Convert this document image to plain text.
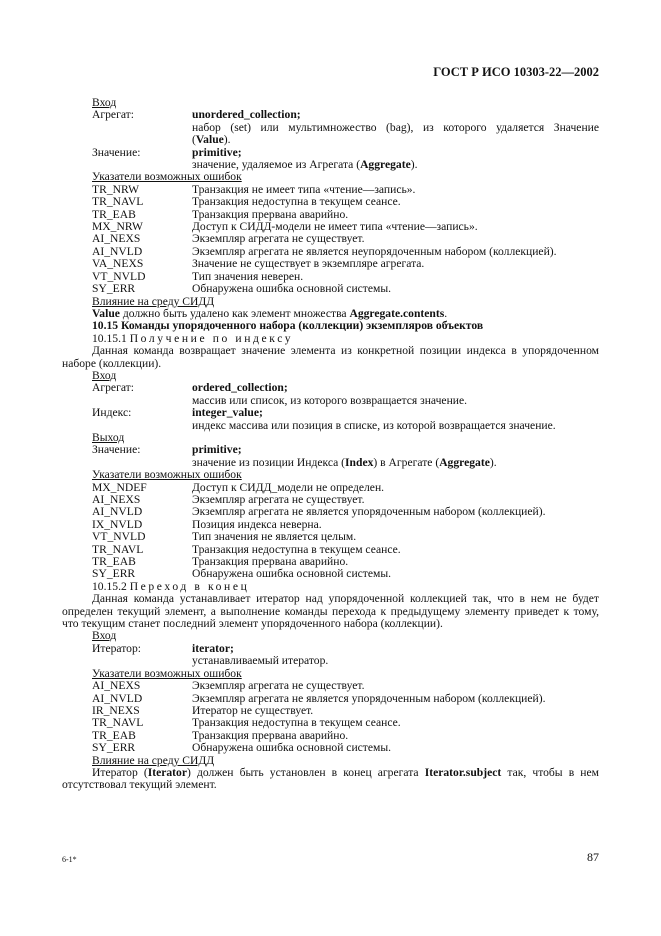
ГОСТ Р ИСО 10303-22—2002
Вход
Агрегат:	unordered_collection;
набор (set) или мультимножество (bag), из которого удаляется Значение
(Value).
Значение:	primitive;
значение, удаляемое из Агрегата (Aggregate).
Указатели возможных ошибок
TR_NRW	Транзакция не имеет типа «чтение—запись».
TR_NAVL	Транзакция недоступна в текущем сеансе.
TR_EAB	Транзакция прервана аварийно.
MX_NRW	Доступ к СИДД-модели не имеет типа «чтение—запись».
AI_NEXS	Экземпляр агрегата не существует.
AI_NVLD	Экземпляр агрегата не является неупорядоченным набором (коллекцией).
VA_NEXS	Значение не существует в экземпляре агрегата.
VT_NVLD	Тип значения неверен.
SY_ERR	Обнаружена ошибка основной системы.
Влияние на среду СИДД
Value должно быть удалено как элемент множества Aggregate.contents.
10.15 Команды упорядоченного набора (коллекции) экземпляров объектов
10.15.1 Получение по индексу
Данная команда возвращает значение элемента из конкретной позиции индекса в упорядоченном наборе (коллекции).
Вход
Агрегат:	ordered_collection;
массив или список, из которого возвращается значение.
Индекс:	integer_value;
индекс массива или позиция в списке, из которой возвращается значение.
Выход
Значение:	primitive;
значение из позиции Индекса (Index) в Агрегате (Aggregate).
Указатели возможных ошибок
MX_NDEF	Доступ к СИДД_модели не определен.
AI_NEXS	Экземпляр агрегата не существует.
AI_NVLD	Экземпляр агрегата не является упорядоченным набором (коллекцией).
IX_NVLD	Позиция индекса неверна.
VT_NVLD	Тип значения не является целым.
TR_NAVL	Транзакция недоступна в текущем сеансе.
TR_EAB	Транзакция прервана аварийно.
SY_ERR	Обнаружена ошибка основной системы.
10.15.2 Переход в конец
Данная команда устанавливает итератор над упорядоченной коллекцией так, что в нем не будет определен текущий элемент, а выполнение команды перехода к предыдущему элементу приведет к тому, что текущим станет последний элемент упорядоченного набора (коллекции).
Вход
Итератор:	iterator;
устанавливаемый итератор.
Указатели возможных ошибок
AI_NEXS	Экземпляр агрегата не существует.
AI_NVLD	Экземпляр агрегата не является упорядоченным набором (коллекцией).
IR_NEXS	Итератор не существует.
TR_NAVL	Транзакция недоступна в текущем сеансе.
TR_EAB	Транзакция прервана аварийно.
SY_ERR	Обнаружена ошибка основной системы.
Влияние на среду СИДД
Итератор (Iterator) должен быть установлен в конец агрегата Iterator.subject так, чтобы в нем отсутствовал текущий элемент.
6-1*	87
